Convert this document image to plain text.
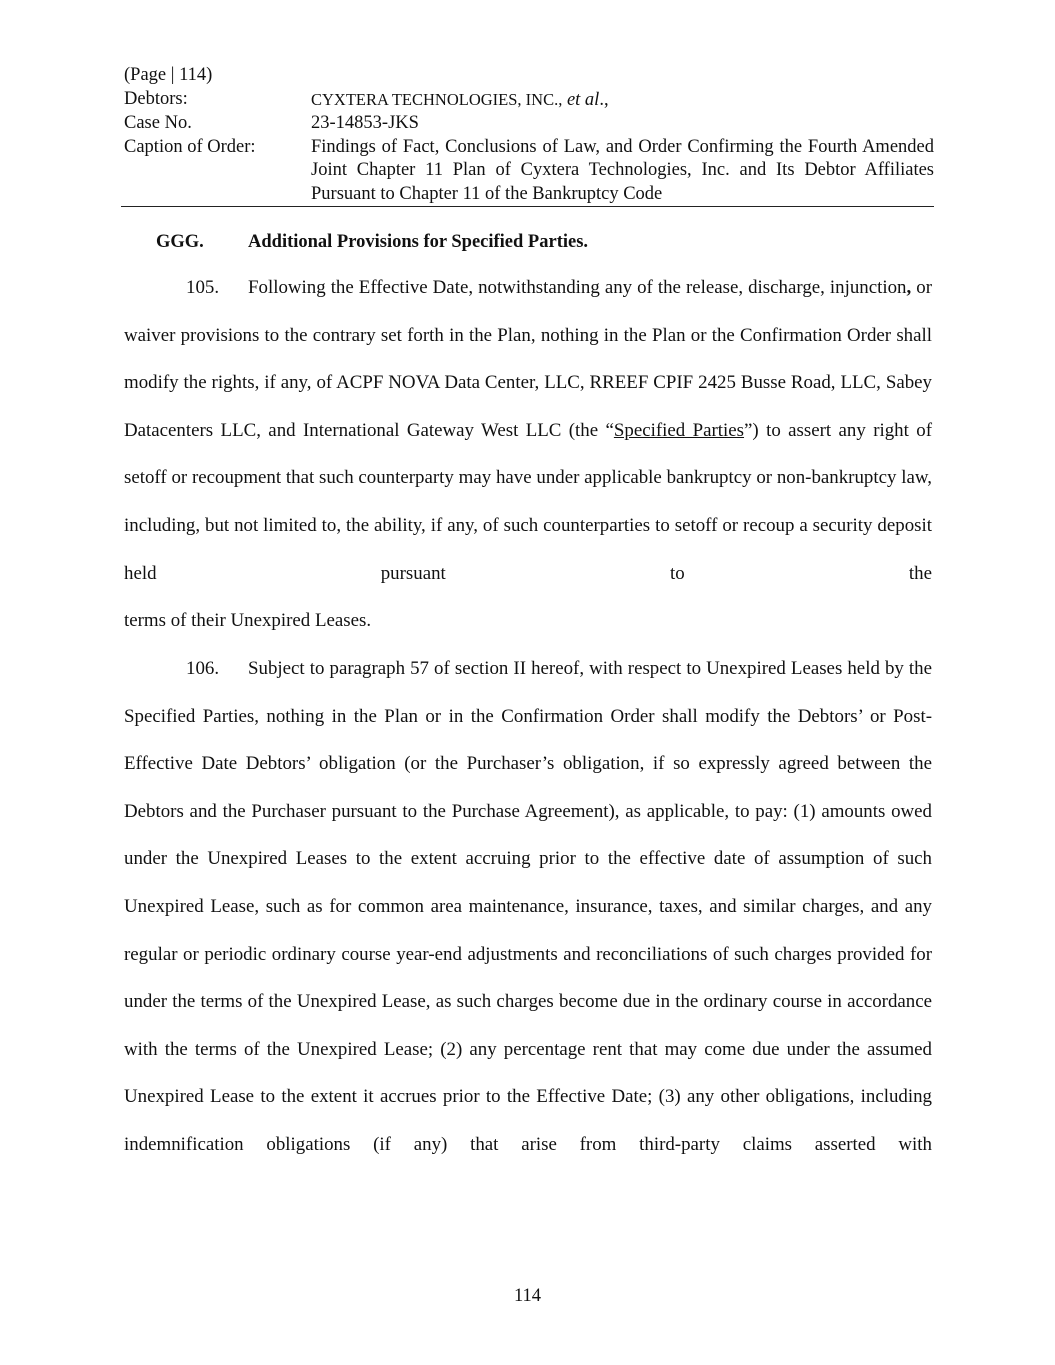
(Page | 114)
Debtors:	CYXTERA TECHNOLOGIES, INC., et al.,
Case No.	23-14853-JKS
Caption of Order:	Findings of Fact, Conclusions of Law, and Order Confirming the Fourth Amended Joint Chapter 11 Plan of Cyxtera Technologies, Inc. and Its Debtor Affiliates Pursuant to Chapter 11 of the Bankruptcy Code
GGG. Additional Provisions for Specified Parties.
105. Following the Effective Date, notwithstanding any of the release, discharge, injunction, or waiver provisions to the contrary set forth in the Plan, nothing in the Plan or the Confirmation Order shall modify the rights, if any, of ACPF NOVA Data Center, LLC, RREEF CPIF 2425 Busse Road, LLC, Sabey Datacenters LLC, and International Gateway West LLC (the “Specified Parties”) to assert any right of setoff or recoupment that such counterparty may have under applicable bankruptcy or non-bankruptcy law, including, but not limited to, the ability, if any, of such counterparties to setoff or recoup a security deposit held pursuant to the
terms of their Unexpired Leases.
106. Subject to paragraph 57 of section II hereof, with respect to Unexpired Leases held by the Specified Parties, nothing in the Plan or in the Confirmation Order shall modify the Debtors’ or Post-Effective Date Debtors’ obligation (or the Purchaser’s obligation, if so expressly agreed between the Debtors and the Purchaser pursuant to the Purchase Agreement), as applicable, to pay: (1) amounts owed under the Unexpired Leases to the extent accruing prior to the effective date of assumption of such Unexpired Lease, such as for common area maintenance, insurance, taxes, and similar charges, and any regular or periodic ordinary course year-end adjustments and reconciliations of such charges provided for under the terms of the Unexpired Lease, as such charges become due in the ordinary course in accordance with the terms of the Unexpired Lease; (2) any percentage rent that may come due under the assumed Unexpired Lease to the extent it accrues prior to the Effective Date; (3) any other obligations, including indemnification obligations (if any) that arise from third-party claims asserted with
114
